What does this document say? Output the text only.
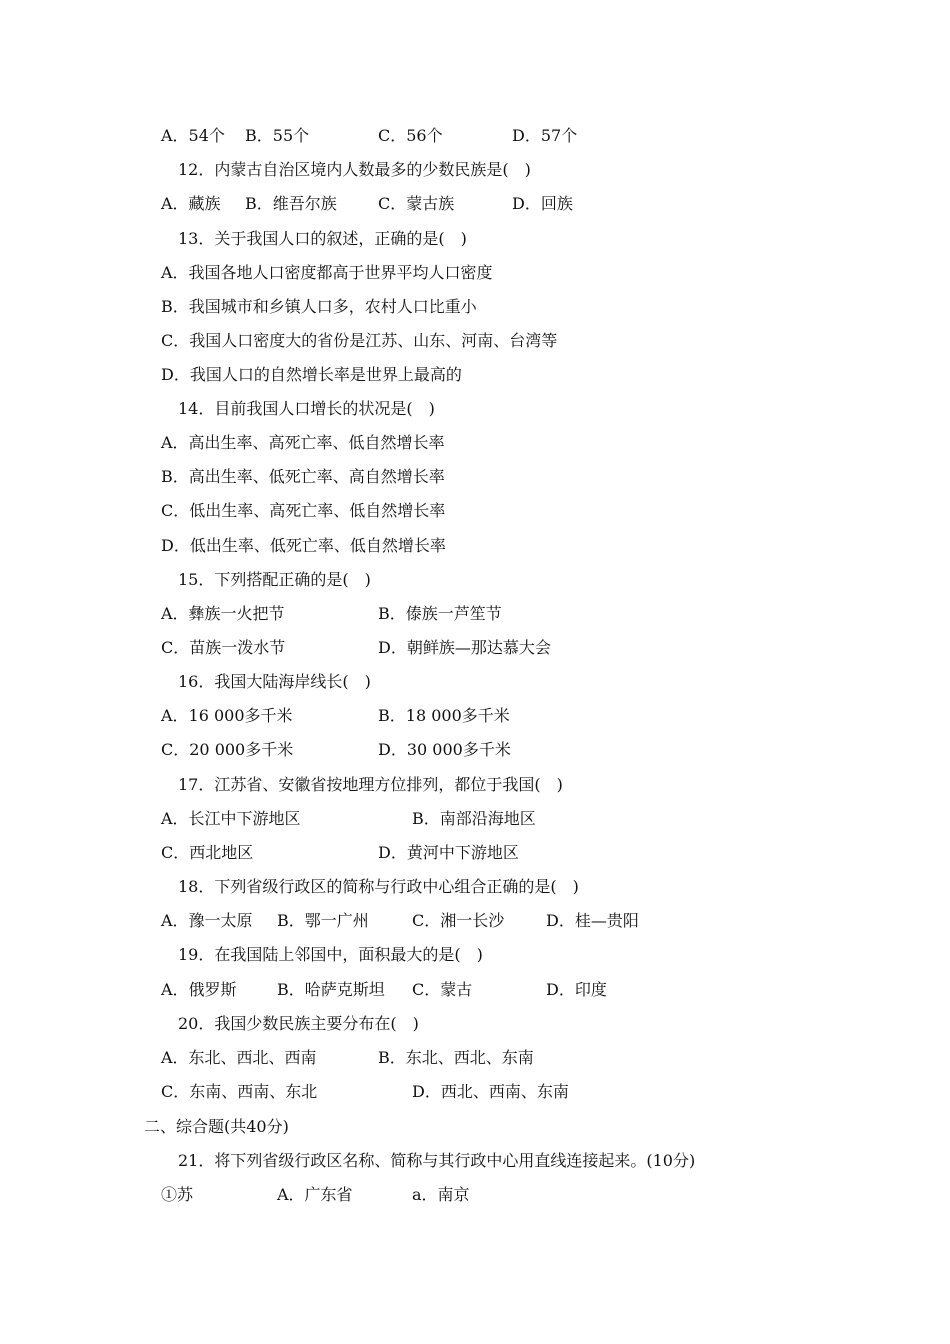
A．54个 B．55个	C．56个	D．57个
12．内蒙古自治区境内人数最多的少数民族是(　)
A．藏族 B．维吾尔族	C．蒙古族	D．回族
13．关于我国人口的叙述，正确的是(　)
A．我国各地人口密度都高于世界平均人口密度
B．我国城市和乡镇人口多，农村人口比重小
C．我国人口密度大的省份是江苏、山东、河南、台湾等
D．我国人口的自然增长率是世界上最高的
14．目前我国人口增长的状况是(　)
A．高出生率、高死亡率、低自然增长率
B．高出生率、低死亡率、高自然增长率
C．低出生率、高死亡率、低自然增长率
D．低出生率、低死亡率、低自然增长率
15．下列搭配正确的是(　)
A．彝族一火把节	B．傣族一芦笙节
C．苗族一泼水节	D．朝鲜族—那达慕大会
16．我国大陆海岸线长(　)
A．16 000多千米	B．18 000多千米
C．20 000多千米	D．30 000多千米
17．江苏省、安徽省按地理方位排列，都位于我国(　)
A．长江中下游地区	B．南部沿海地区
C．西北地区	D．黄河中下游地区
18．下列省级行政区的简称与行政中心组合正确的是(　)
A．豫一太原 B．鄂一广州	C．湘一长沙	D．桂—贵阳
19．在我国陆上邻国中，面积最大的是(　)
A．俄罗斯	B．哈萨克斯坦 C．蒙古	D．印度
20．我国少数民族主要分布在(　)
A．东北、西北、西南	B．东北、西北、东南
C．东南、西南、东北	D．西北、西南、东南
二、综合题(共40分)
21．将下列省级行政区名称、简称与其行政中心用直线连接起来。(10分)
①苏	A．广东省	a．南京
